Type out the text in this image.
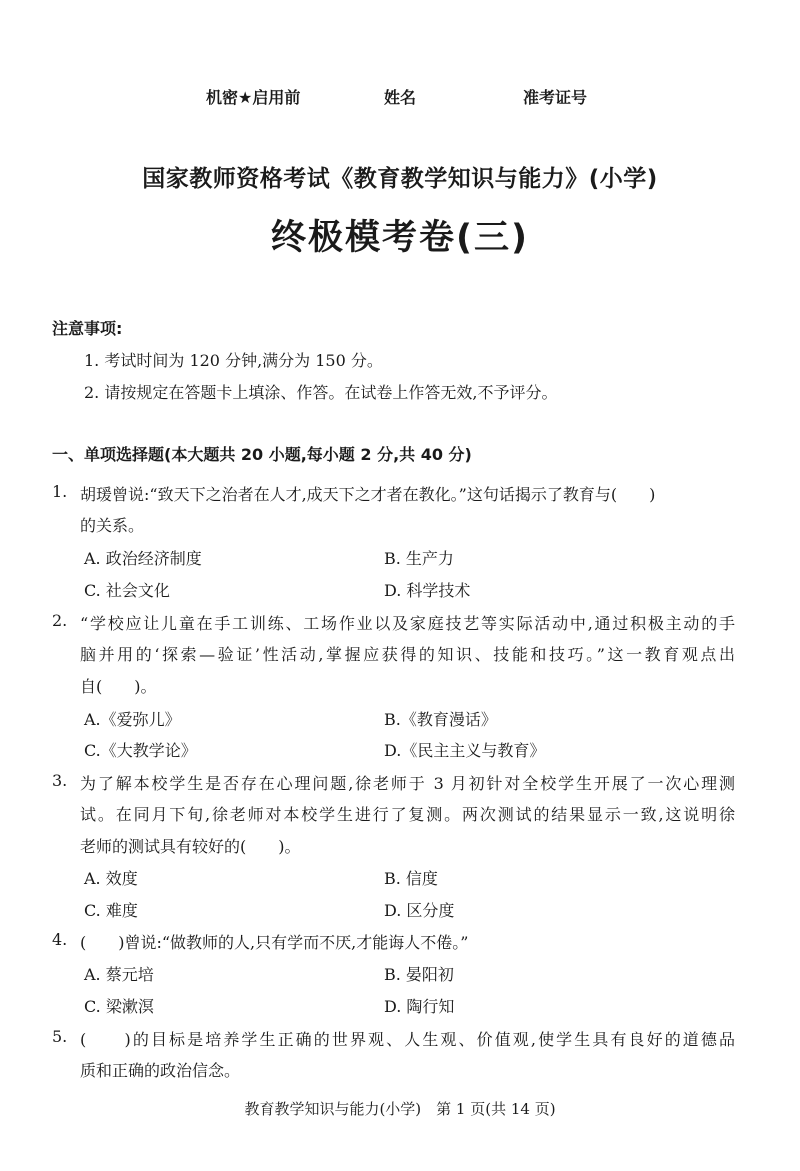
机密★启用前	姓名	准考证号
国家教师资格考试《教育教学知识与能力》(小学)
终极模考卷(三)
注意事项:
1. 考试时间为 120 分钟,满分为 150 分。
2. 请按规定在答题卡上填涂、作答。在试卷上作答无效,不予评分。
一、单项选择题(本大题共 20 小题,每小题 2 分,共 40 分)
1. 胡瑗曾说:“致天下之治者在人才,成天下之才者在教化。”这句话揭示了教育与(　　)
的关系。
A. 政治经济制度	B. 生产力
C. 社会文化	D. 科学技术
2. “学校应让儿童在手工训练、工场作业以及家庭技艺等实际活动中,通过积极主动的手
脑并用的‘探索—验证’性活动,掌握应获得的知识、技能和技巧。”这一教育观点出
自(　　)。
A.《爱弥儿》	B.《教育漫话》
C.《大教学论》	D.《民主主义与教育》
3. 为了解本校学生是否存在心理问题,徐老师于 3 月初针对全校学生开展了一次心理测
试。在同月下旬,徐老师对本校学生进行了复测。两次测试的结果显示一致,这说明徐
老师的测试具有较好的(　　)。
A. 效度	B. 信度
C. 难度	D. 区分度
4. (　　)曾说:“做教师的人,只有学而不厌,才能诲人不倦。”
A. 蔡元培	B. 晏阳初
C. 梁漱溟	D. 陶行知
5. (　　)的目标是培养学生正确的世界观、人生观、价值观,使学生具有良好的道德品
质和正确的政治信念。
教育教学知识与能力(小学)　第 1 页(共 14 页)
